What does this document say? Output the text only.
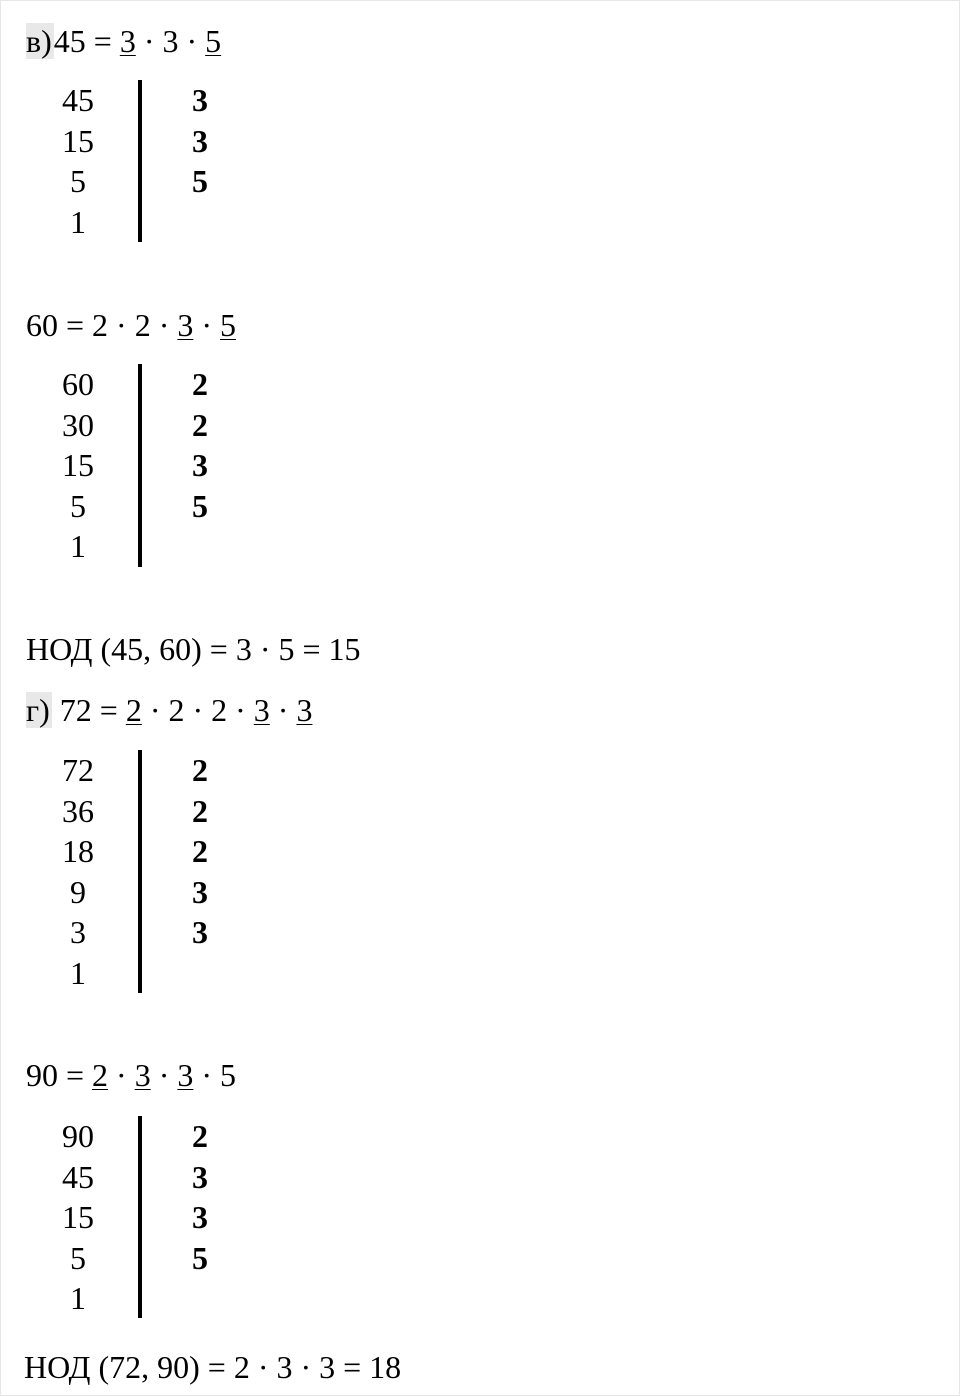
в)45 = 3 · 3 · 5
45	3
15	3
5	5
1
60 = 2 · 2 · 3 · 5
60	2
30	2
15	3
5	5
1
НОД (45, 60) = 3 · 5 = 15
г) 72 = 2 · 2 · 2 · 3 · 3
72	2
36	2
18	2
9	3
3	3
1
90 = 2 · 3 · 3 · 5
90	2
45	3
15	3
5	5
1
НОД (72, 90) = 2 · 3 · 3 = 18
